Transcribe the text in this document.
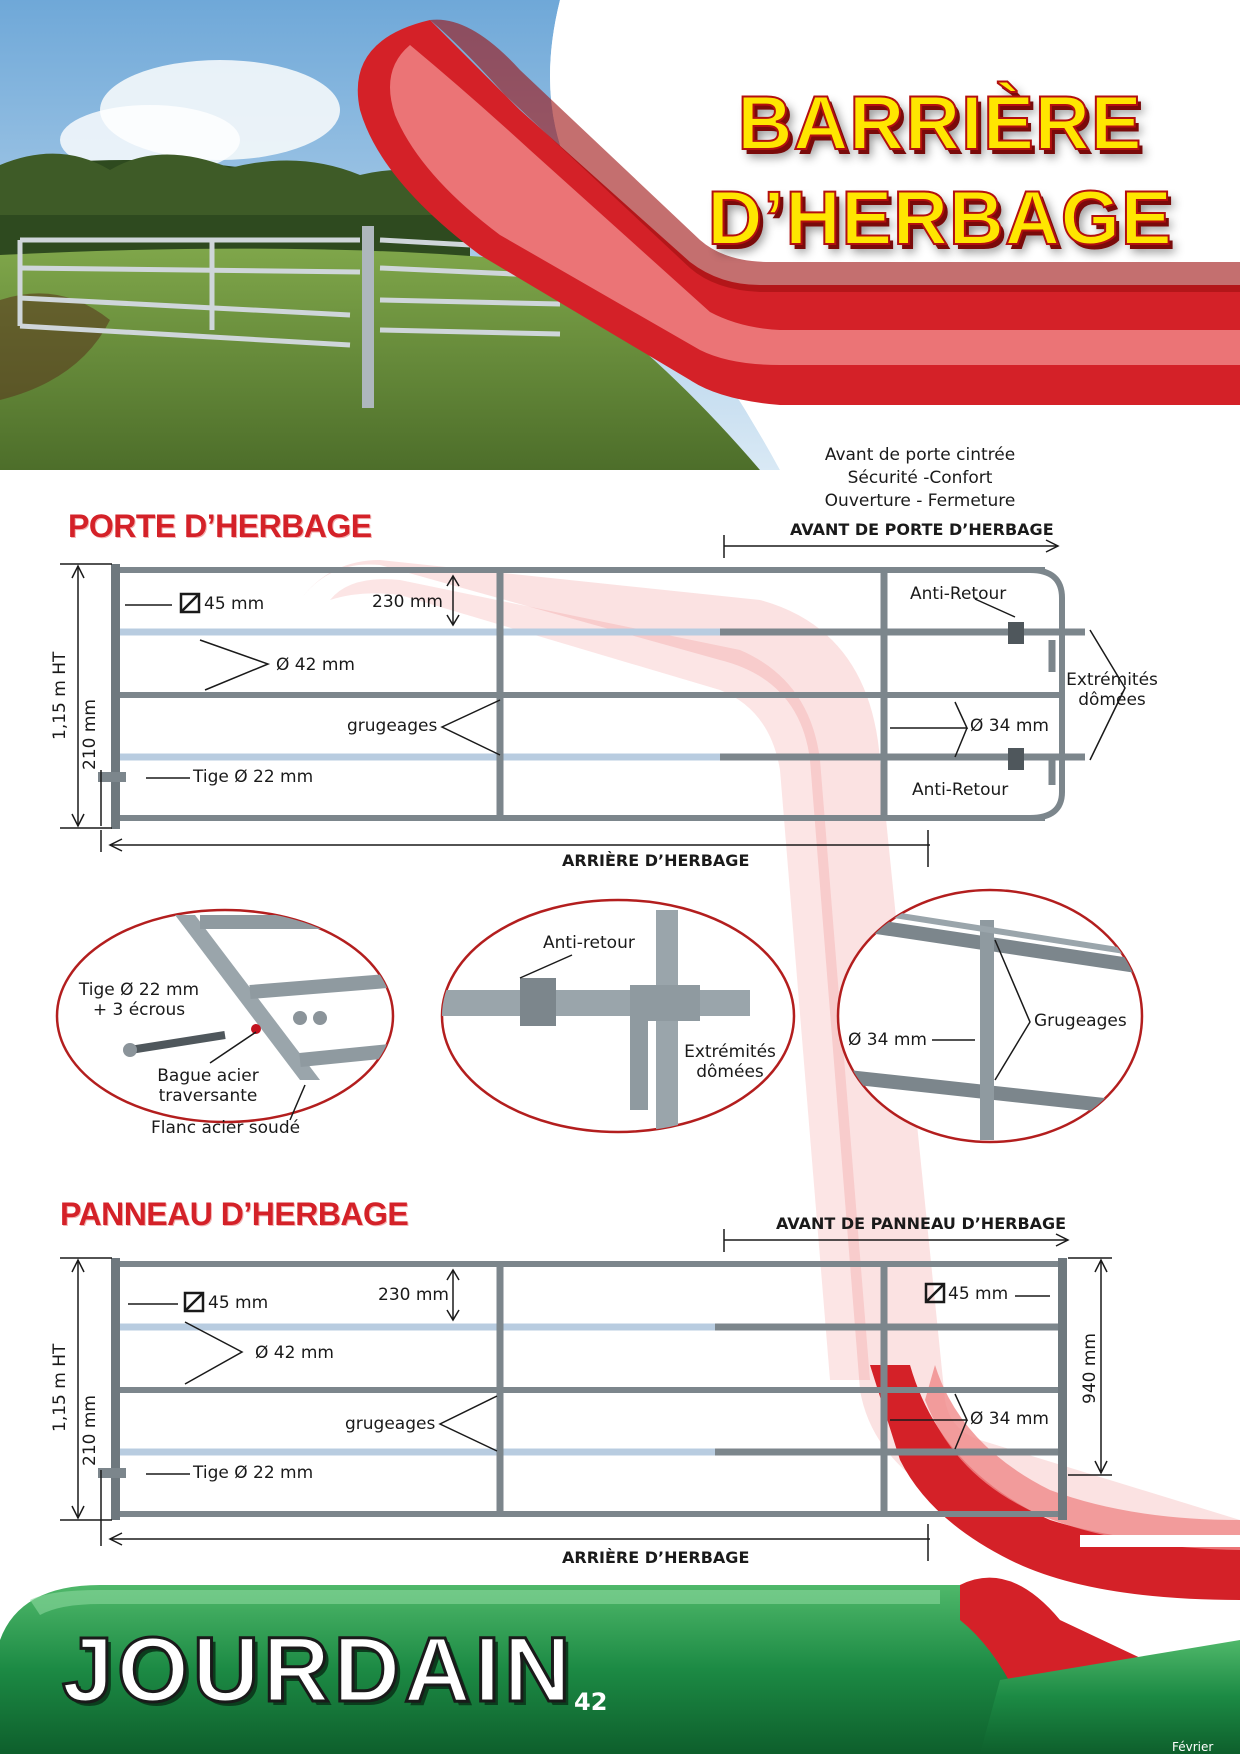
BARRIÈRE
D’HERBAGE
Avant de porte cintrée
Sécurité -Confort
Ouverture - Fermeture
PORTE D’HERBAGE	AVANT DE PORTE D’HERBAGE
45 mm	230 mm
Ø 42 mm
grugeages
Tige Ø 22 mm
1,15 m HT 210 mm
Anti-Retour
Anti-Retour
Extrémités
dômées
Ø 34 mm
ARRIÈRE D’HERBAGE
Tige Ø 22 mm
+ 3 écrous
Bague acier
traversante
Flanc acier soudé
Anti-retour
Extrémités
dômées
Ø 34 mm
Grugeages
PANNEAU D’HERBAGE	AVANT DE PANNEAU D’HERBAGE
45 mm	45 mm
230 mm
Ø 42 mm
grugeages
Tige Ø 22 mm
1,15 m HT 210 mm	Ø 34 mm
940 mm
ARRIÈRE D’HERBAGE
JOURDAIN 42
Février
